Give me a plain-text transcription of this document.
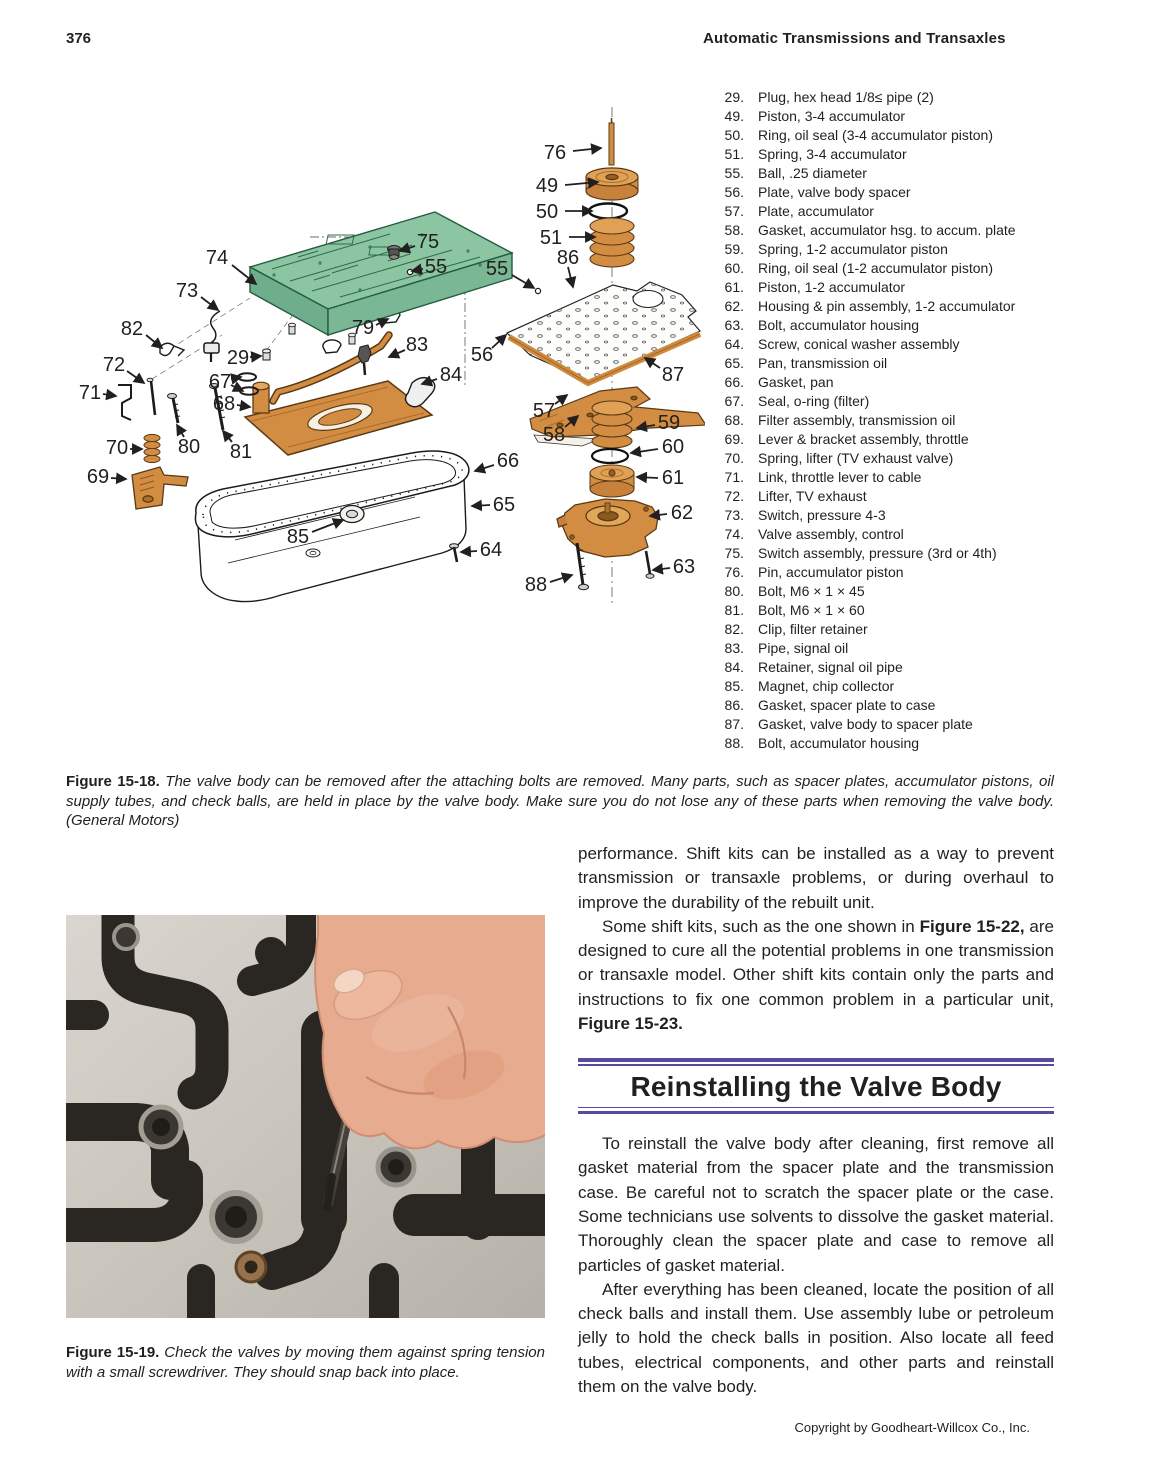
376	Automatic Transmissions and Transaxles
76
49
50
51
55 86
75
55
74
73
82
29
79
83 56
87
72
67	84
71	68	57
58
59
60
70 80 81
61
69
66
65	62
85
64
88
63
29.	Plug, hex head 1/8≤ pipe (2)
49.	Piston, 3-4 accumulator
50.	Ring, oil seal (3-4 accumulator piston)
51.	Spring, 3-4 accumulator
55.	Ball, .25 diameter
56.	Plate, valve body spacer
57.	Plate, accumulator
58.	Gasket, accumulator hsg. to accum. plate
59.	Spring, 1-2 accumulator piston
60.	Ring, oil seal (1-2 accumulator piston)
61.	Piston, 1-2 accumulator
62.	Housing & pin assembly, 1-2 accumulator
63.	Bolt, accumulator housing
64.	Screw, conical washer assembly
65.	Pan, transmission oil
66.	Gasket, pan
67.	Seal, o-ring (filter)
68.	Filter assembly, transmission oil
69.	Lever & bracket assembly, throttle
70.	Spring, lifter (TV exhaust valve)
71.	Link, throttle lever to cable
72.	Lifter, TV exhaust
73.	Switch, pressure 4-3
74.	Valve assembly, control
75.	Switch assembly, pressure (3rd or 4th)
76.	Pin, accumulator piston
80.	Bolt, M6 × 1 × 45
81.	Bolt, M6 × 1 × 60
82.	Clip, filter retainer
83.	Pipe, signal oil
84.	Retainer, signal oil pipe
85.	Magnet, chip collector
86.	Gasket, spacer plate to case
87.	Gasket, valve body to spacer plate
88.	Bolt, accumulator housing

Figure 15-18. The valve body can be removed after the attaching bolts are removed. Many parts, such as spacer plates, accumulator pistons, oil supply tubes, and check balls, are held in place by the valve body. Make sure you do not lose any of these parts when removing the valve body. (General Motors)

Figure 15-19. Check the valves by moving them against spring tension with a small screwdriver. They should snap back into place.

performance. Shift kits can be installed as a way to prevent transmission or transaxle problems, or during overhaul to improve the durability of the rebuilt unit.

Some shift kits, such as the one shown in Figure 15-22, are designed to cure all the potential problems in one transmission or transaxle model. Other shift kits contain only the parts and instructions to fix one common problem in a particular unit, Figure 15-23.

Reinstalling the Valve Body

To reinstall the valve body after cleaning, first remove all gasket material from the spacer plate and the transmission case. Be careful not to scratch the spacer plate or the case. Some technicians use solvents to dissolve the gasket material. Thoroughly clean the spacer plate and case to remove all particles of gasket material.

After everything has been cleaned, locate the position of all check balls and install them. Use assembly lube or petroleum jelly to hold the check balls in position. Also locate all feed tubes, electrical components, and other parts and reinstall them on the valve body.

Copyright by Goodheart-Willcox Co., Inc.
